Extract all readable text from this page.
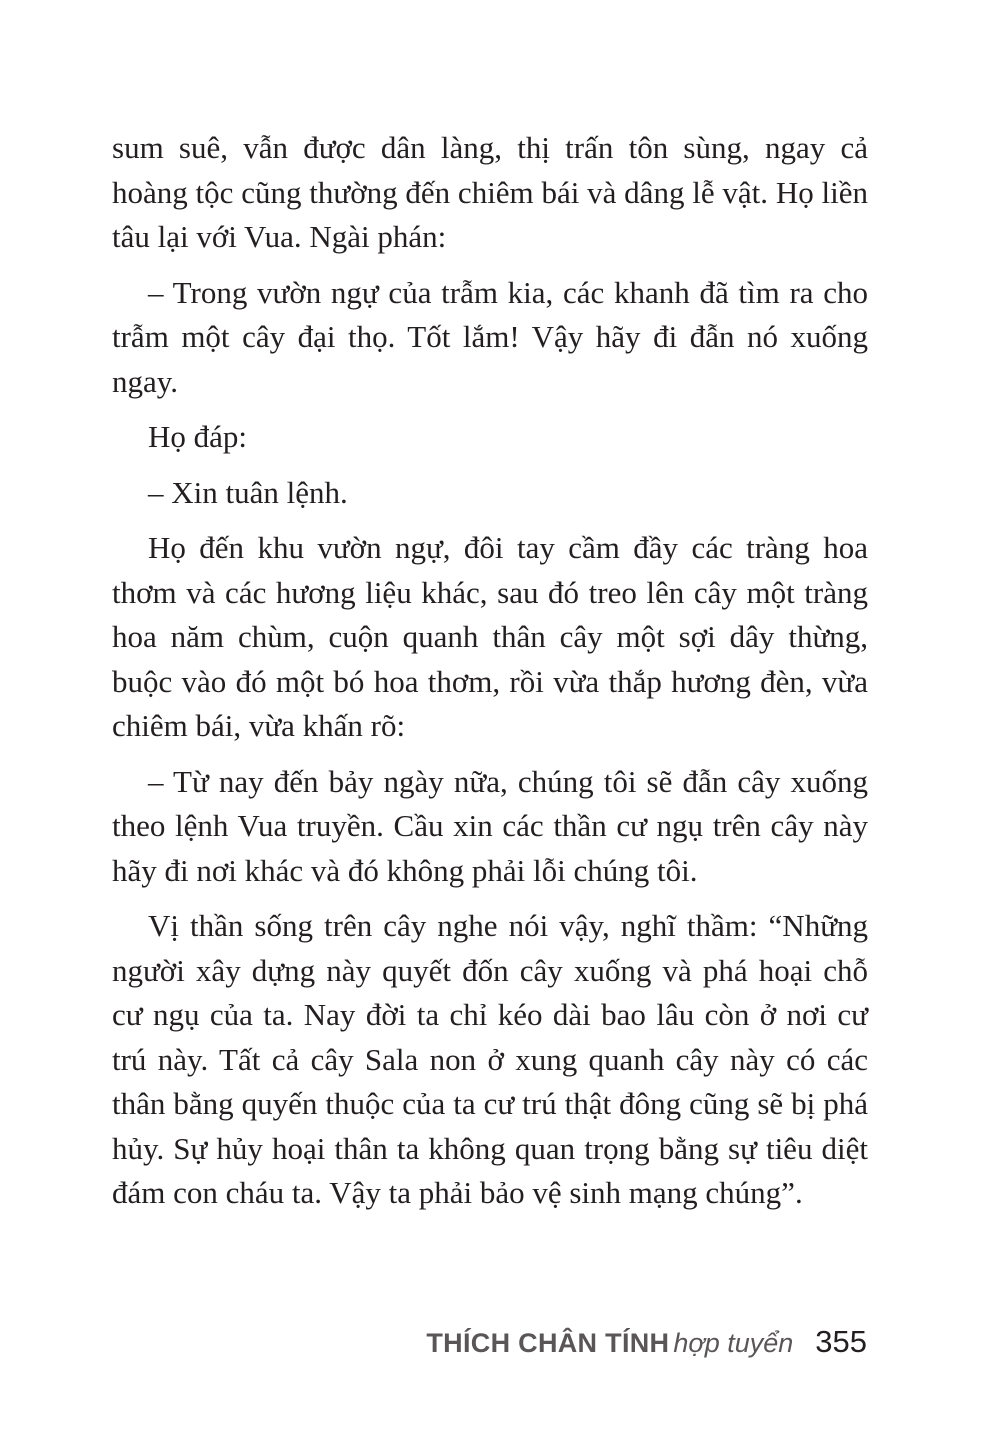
sum suê, vẫn được dân làng, thị trấn tôn sùng, ngay cả hoàng tộc cũng thường đến chiêm bái và dâng lễ vật. Họ liền tâu lại với Vua. Ngài phán:

– Trong vườn ngự của trẫm kia, các khanh đã tìm ra cho trẫm một cây đại thọ. Tốt lắm! Vậy hãy đi đẫn nó xuống ngay.

Họ đáp:

– Xin tuân lệnh.

Họ đến khu vườn ngự, đôi tay cầm đầy các tràng hoa thơm và các hương liệu khác, sau đó treo lên cây một tràng hoa năm chùm, cuộn quanh thân cây một sợi dây thừng, buộc vào đó một bó hoa thơm, rồi vừa thắp hương đèn, vừa chiêm bái, vừa khấn rõ:

– Từ nay đến bảy ngày nữa, chúng tôi sẽ đẫn cây xuống theo lệnh Vua truyền. Cầu xin các thần cư ngụ trên cây này hãy đi nơi khác và đó không phải lỗi chúng tôi.

Vị thần sống trên cây nghe nói vậy, nghĩ thầm: “Những người xây dựng này quyết đốn cây xuống và phá hoại chỗ cư ngụ của ta. Nay đời ta chỉ kéo dài bao lâu còn ở nơi cư trú này. Tất cả cây Sala non ở xung quanh cây này có các thân bằng quyến thuộc của ta cư trú thật đông cũng sẽ bị phá hủy. Sự hủy hoại thân ta không quan trọng bằng sự tiêu diệt đám con cháu ta. Vậy ta phải bảo vệ sinh mạng chúng”.

THÍCH CHÂN TÍNH hợp tuyển 355
